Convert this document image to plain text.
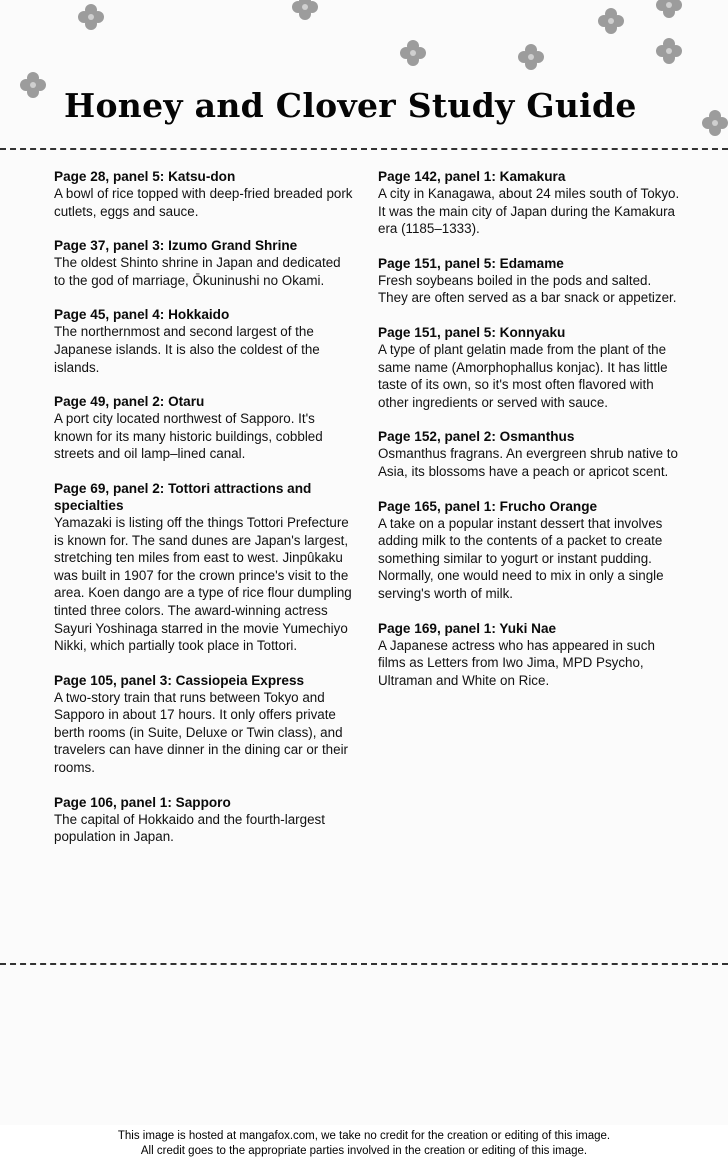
Honey and Clover Study Guide
Page 28, panel 5: Katsu-don
A bowl of rice topped with deep-fried breaded pork cutlets, eggs and sauce.
Page 37, panel 3: Izumo Grand Shrine
The oldest Shinto shrine in Japan and dedicated to the god of marriage, Ōkuninushi no Okami.
Page 45, panel 4: Hokkaido
The northernmost and second largest of the Japanese islands. It is also the coldest of the islands.
Page 49, panel 2: Otaru
A port city located northwest of Sapporo. It's known for its many historic buildings, cobbled streets and oil lamp–lined canal.
Page 69, panel 2: Tottori attractions and specialties
Yamazaki is listing off the things Tottori Prefecture is known for. The sand dunes are Japan's largest, stretching ten miles from east to west. Jinpûkaku was built in 1907 for the crown prince's visit to the area. Koen dango are a type of rice flour dumpling tinted three colors. The award-winning actress Sayuri Yoshinaga starred in the movie Yumechiyo Nikki, which partially took place in Tottori.
Page 105, panel 3: Cassiopeia Express
A two-story train that runs between Tokyo and Sapporo in about 17 hours. It only offers private berth rooms (in Suite, Deluxe or Twin class), and travelers can have dinner in the dining car or their rooms.
Page 106, panel 1: Sapporo
The capital of Hokkaido and the fourth-largest population in Japan.
Page 142, panel 1: Kamakura
A city in Kanagawa, about 24 miles south of Tokyo. It was the main city of Japan during the Kamakura era (1185–1333).
Page 151, panel 5: Edamame
Fresh soybeans boiled in the pods and salted. They are often served as a bar snack or appetizer.
Page 151, panel 5: Konnyaku
A type of plant gelatin made from the plant of the same name (Amorphophallus konjac). It has little taste of its own, so it's most often flavored with other ingredients or served with sauce.
Page 152, panel 2: Osmanthus
Osmanthus fragrans. An evergreen shrub native to Asia, its blossoms have a peach or apricot scent.
Page 165, panel 1: Frucho Orange
A take on a popular instant dessert that involves adding milk to the contents of a packet to create something similar to yogurt or instant pudding. Normally, one would need to mix in only a single serving's worth of milk.
Page 169, panel 1: Yuki Nae
A Japanese actress who has appeared in such films as Letters from Iwo Jima, MPD Psycho, Ultraman and White on Rice.
This image is hosted at mangafox.com, we take no credit for the creation or editing of this image.
All credit goes to the appropriate parties involved in the creation or editing of this image.
